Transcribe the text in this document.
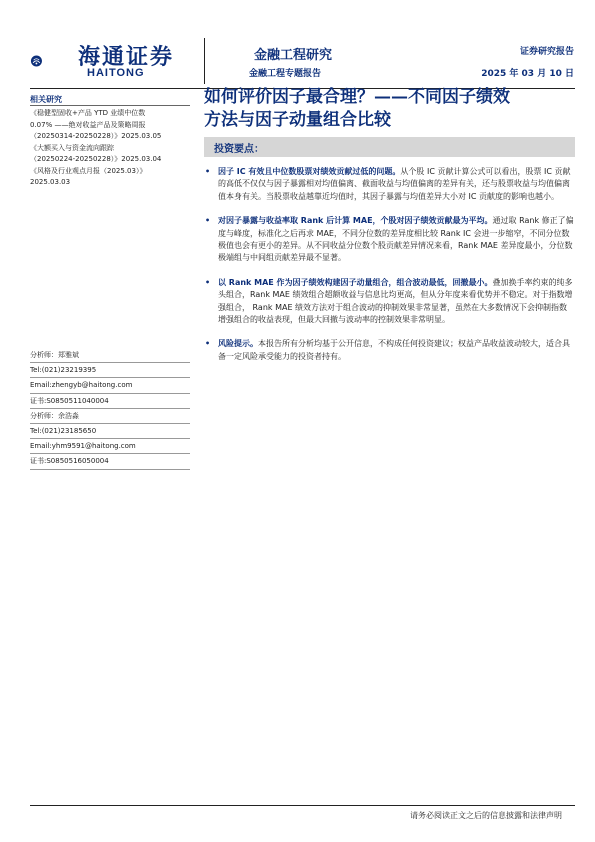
海通证券
HAITONG
金融工程研究
金融工程专题报告
证券研究报告
2025 年 03 月 10 日
相关研究
《稳健型固收+产品 YTD 业绩中位数
0.07% ——绝对收益产品及策略周报
（20250314-20250228）》2025.03.05
《大额买入与资金流向跟踪
（20250224-20250228）》2025.03.04
《风格及行业观点月报（2025.03）》
2025.03.03
分析师：郑雅斌
Tel:(021)23219395
Email:zhengyb@haitong.com
证书:S0850511040004
分析师：余浩淼
Tel:(021)23185650
Email:yhm9591@haitong.com
证书:S0850516050004
如何评价因子最合理？——不同因子绩效
方法与因子动量组合比较
投资要点：
• 因子 IC 有效且中位数股票对绩效贡献过低的问题。从个股 IC 贡献计算公式可以看出，股票 IC 贡献的高低不仅仅与因子暴露相对均值偏离、截面收益与均值偏离的差异有关，还与股票收益与均值偏离值本身有关。当股票收益越靠近均值时，其因子暴露与均值差异大小对 IC 贡献度的影响也越小。
• 对因子暴露与收益率取 Rank 后计算 MAE，个股对因子绩效贡献最为平均。通过取 Rank 修正了偏度与峰度，标准化之后再求 MAE，不同分位数的差异度相比较 Rank IC 会进一步缩窄，不同分位数极值也会有更小的差异。从不同收益分位数个股贡献差异情况来看，Rank MAE 差异度最小，分位数极端组与中间组贡献差异最不显著。
• 以 Rank MAE 作为因子绩效构建因子动量组合，组合波动最低，回撤最小。叠加换手率约束的纯多头组合，Rank MAE 绩效组合超额收益与信息比均更高，但从分年度来看优势并不稳定。对于指数增强组合， Rank MAE 绩效方法对于组合波动的抑制效果非常显著，虽然在大多数情况下会抑制指数增强组合的收益表现，但最大回撤与波动率的控制效果非常明显。
• 风险提示。本报告所有分析均基于公开信息，不构成任何投资建议；权益产品收益波动较大，适合具备一定风险承受能力的投资者持有。
请务必阅读正文之后的信息披露和法律声明
